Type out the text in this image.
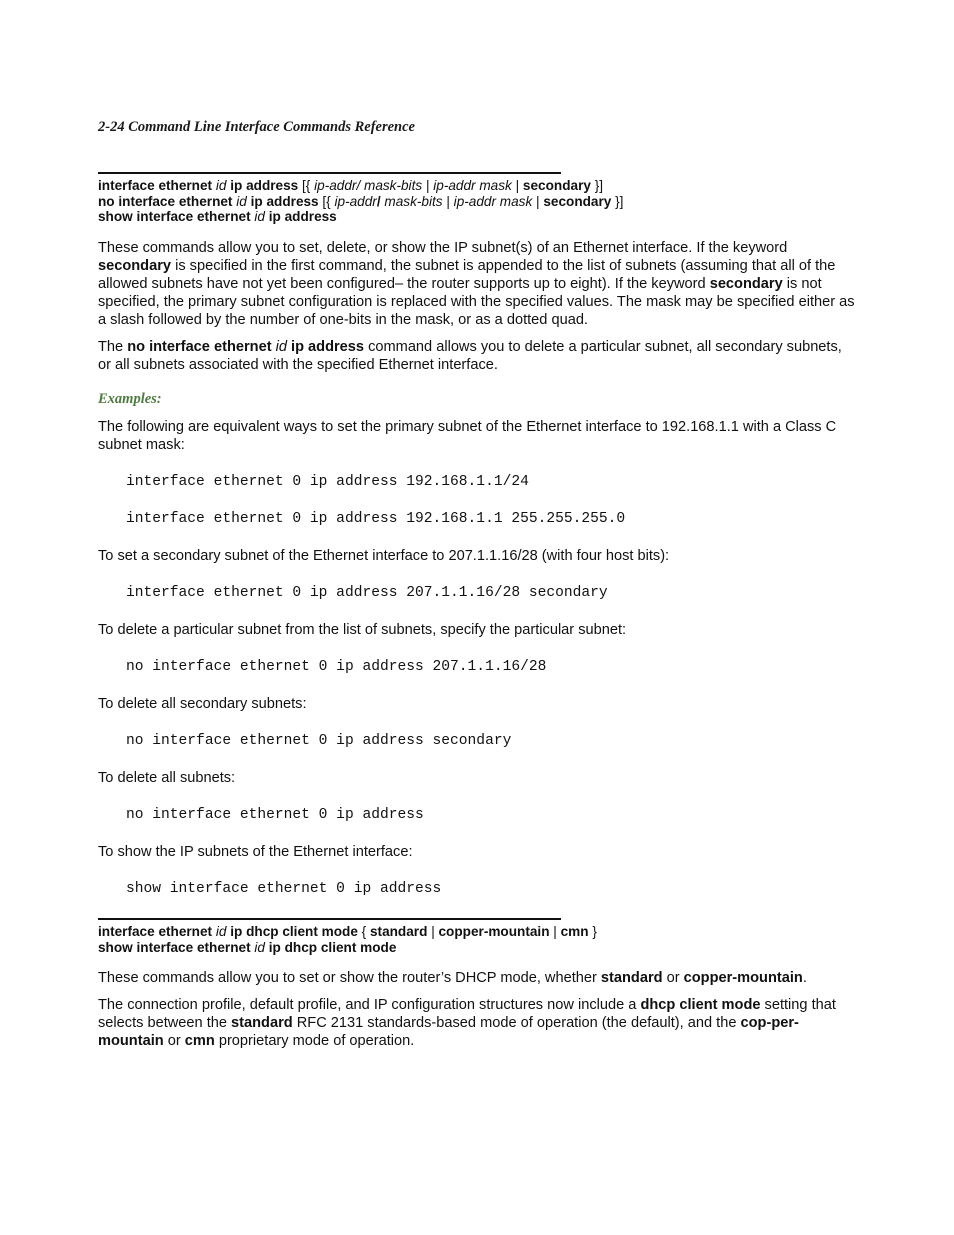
2-24 Command Line Interface Commands Reference
interface ethernet id ip address [{ ip-addr/ mask-bits | ip-addr mask | secondary }]
no interface ethernet id ip address [{ ip-addr/ mask-bits | ip-addr mask | secondary }]
show interface ethernet id ip address

These commands allow you to set, delete, or show the IP subnet(s) of an Ethernet interface. If the keyword secondary is specified in the first command, the subnet is appended to the list of subnets (assuming that all of the allowed subnets have not yet been configured– the router supports up to eight). If the keyword secondary is not specified, the primary subnet configuration is replaced with the specified values. The mask may be specified either as a slash followed by the number of one-bits in the mask, or as a dotted quad.

The no interface ethernet id ip address command allows you to delete a particular subnet, all secondary subnets, or all subnets associated with the specified Ethernet interface.

Examples:

The following are equivalent ways to set the primary subnet of the Ethernet interface to 192.168.1.1 with a Class C subnet mask:

interface ethernet 0 ip address 192.168.1.1/24
interface ethernet 0 ip address 192.168.1.1 255.255.255.0

To set a secondary subnet of the Ethernet interface to 207.1.1.16/28 (with four host bits):

interface ethernet 0 ip address 207.1.1.16/28 secondary

To delete a particular subnet from the list of subnets, specify the particular subnet:

no interface ethernet 0 ip address 207.1.1.16/28

To delete all secondary subnets:

no interface ethernet 0 ip address secondary

To delete all subnets:

no interface ethernet 0 ip address

To show the IP subnets of the Ethernet interface:

show interface ethernet 0 ip address
interface ethernet id ip dhcp client mode { standard | copper-mountain | cmn }
show interface ethernet id ip dhcp client mode

These commands allow you to set or show the router’s DHCP mode, whether standard or copper-mountain.

The connection profile, default profile, and IP configuration structures now include a dhcp client mode setting that selects between the standard RFC 2131 standards-based mode of operation (the default), and the cop-per-mountain or cmn proprietary mode of operation.
